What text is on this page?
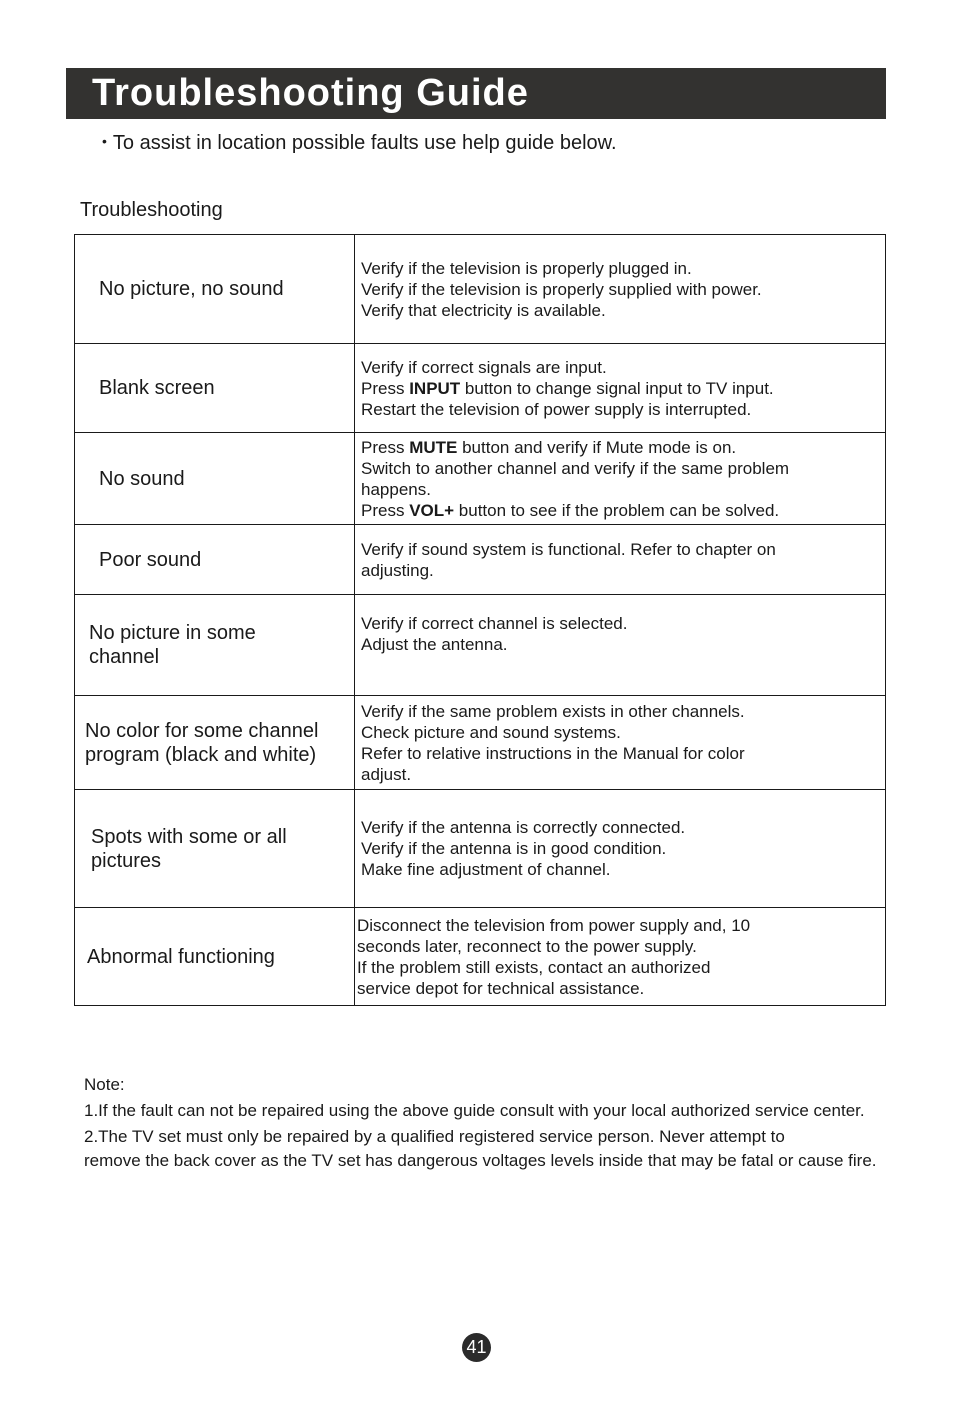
Troubleshooting Guide
• To assist in location possible faults use help guide below.
Troubleshooting
No picture, no sound	Verify if the television is properly plugged in.
Verify if the television is properly supplied with power.
Verify that electricity is available.

Blank screen	Verify if correct signals are input.
Press INPUT button to change signal input to TV input.
Restart the television of power supply is interrupted.

No sound	Press MUTE button and verify if Mute mode is on.
Switch to another channel and verify if the same problem
happens.
Press VOL+ button to see if the problem can be solved.

Poor sound	Verify if sound system is functional. Refer to chapter on
adjusting.

No picture in some channel	Verify if correct channel is selected.
Adjust the antenna.

No color for some channel program (black and white)	Verify if the same problem exists in other channels.
Check picture and sound systems.
Refer to relative instructions in the Manual for color
adjust.

Spots with some or all pictures	Verify if the antenna is correctly connected.
Verify if the antenna is in good condition.
Make fine adjustment of channel.

Abnormal functioning	Disconnect the television from power supply and, 10
seconds later, reconnect to the power supply.
If the problem still exists, contact an authorized
service depot for technical assistance.

Note:

1.If the fault can not be repaired using the above guide consult with your local authorized service center.

2.The TV set must only be repaired by a qualified registered service person. Never attempt to

remove the back cover as the TV set has dangerous voltages levels inside that may be fatal or cause fire.

41
